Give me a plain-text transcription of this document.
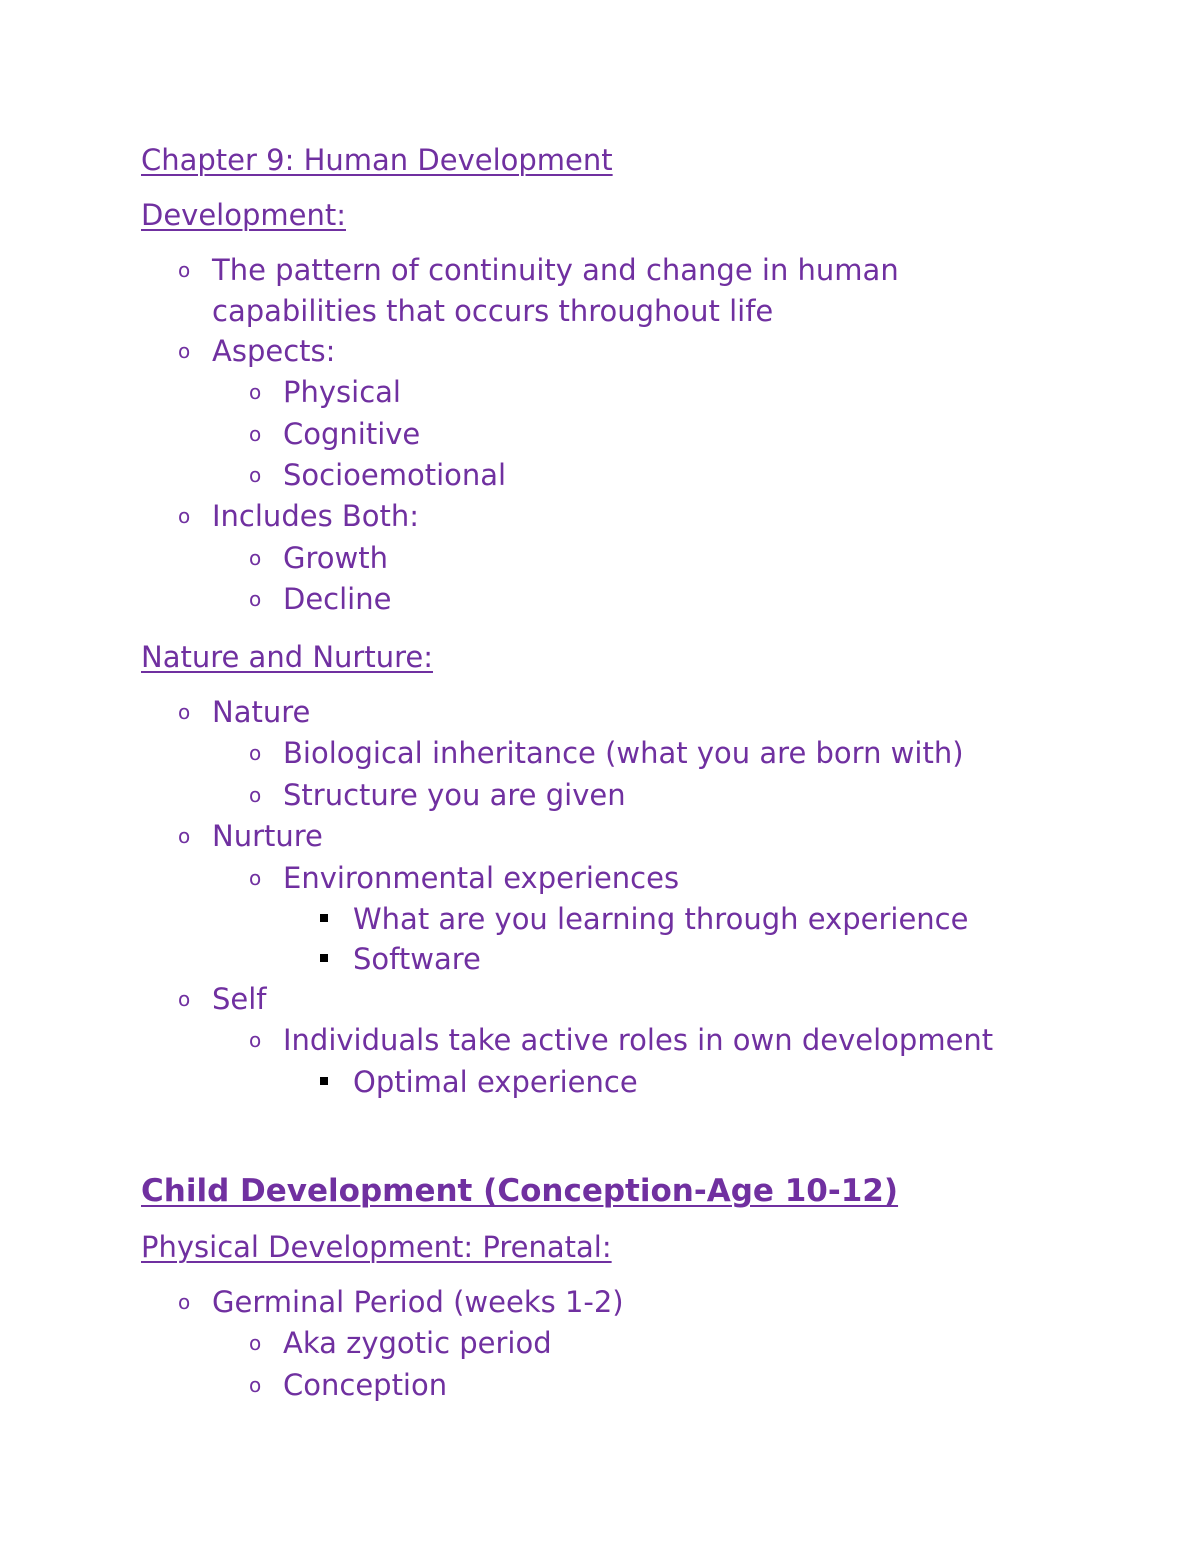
Chapter 9: Human Development
Development:
o The pattern of continuity and change in human
capabilities that occurs throughout life
o Aspects:
o Physical
o Cognitive
o Socioemotional
o Includes Both:
o Growth
o Decline
Nature and Nurture:
o Nature
o Biological inheritance (what you are born with)
o Structure you are given
o Nurture
o Environmental experiences
What are you learning through experience
Software
o Self
o Individuals take active roles in own development
Optimal experience
Child Development (Conception-Age 10-12)
Physical Development: Prenatal:
o Germinal Period (weeks 1-2)
o Aka zygotic period
o Conception
